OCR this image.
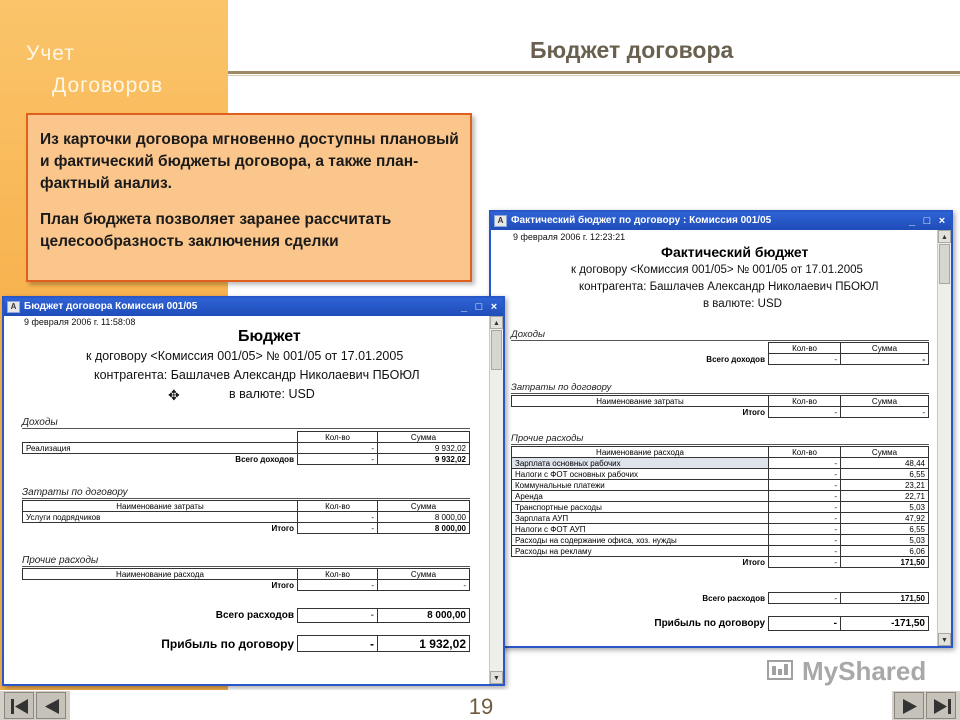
Учет
Договоров
Бюджет договора
A Фактический бюджет по договору : Комиссия 001/05	_ □ ×
9 февраля 2006 г. 12:23:21
Фактический бюджет
к договору <Комиссия 001/05> № 001/05 от 17.01.2005
контрагента: Башлачев Александр Николаевич ПБОЮЛ
в валюте: USD
Доходы
	Кол-во	Сумма
Всего доходов	-	-
Затраты по договору
Наименование затраты	Кол-во	Сумма
Итого	-	-
Прочие расходы
Наименование расхода	Кол-во	Сумма
Зарплата основных рабочих	-	48,44
Налоги с ФОТ основных рабочих	-	6,55
Коммунальные платежи	-	23,21
Аренда	-	22,71
Транспортные расходы	-	5,03
Зарплата АУП	-	47,92
Налоги с ФОТ АУП	-	6,55
Расходы на содержание офиса, хоз. нужды	-	5,03
Расходы на рекламу	-	6,06
Итого	-	171,50
Всего расходов	-	171,50
Прибыль по договору	-	-171,50
▲
▼

Из карточки договора мгновенно доступны плановый и фактический бюджеты договора, а также план-фактный анализ.

План бюджета позволяет заранее рассчитать целесообразность заключения сделки

A Бюджет договора Комиссия 001/05	_ □ ×
9 февраля 2006 г. 11:58:08
Бюджет
к договору <Комиссия 001/05> № 001/05 от 17.01.2005
контрагента: Башлачев Александр Николаевич ПБОЮЛ
в валюте: USD
✥
Доходы
	Кол-во	Сумма
Реализация	-	9 932,02
Всего доходов	-	9 932,02
Затраты по договору
Наименование затраты	Кол-во	Сумма
Услуги подрядчиков	-	8 000,00
Итого	-	8 000,00
Прочие расходы
Наименование расхода	Кол-во	Сумма
Итого	-	-
Всего расходов	-	8 000,00
Прибыль по договору	-	1 932,02
▲
▼	MyShared
19
